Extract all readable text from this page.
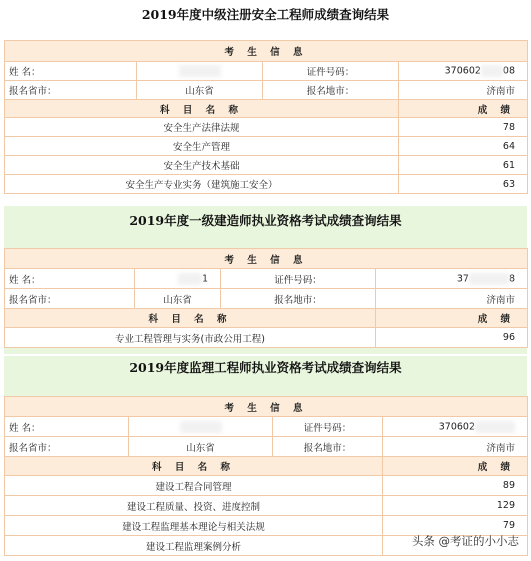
2019年度中级注册安全工程师成绩查询结果
考 生 信 息			
姓 名：		证件号码：	370602 08
报名省市：	山东省	报名地市：	济南市
科 目 名 称			成 绩
安全生产法律法规			78
安全生产管理			64
安全生产技术基础			61
安全生产专业实务（建筑施工安全）			63
2019年度一级建造师执业资格考试成绩查询结果
考 生 信 息			
姓 名：	1	证件号码：	37 8
报名省市：	山东省	报名地市：	济南市
科 目 名 称			成 绩
专业工程管理与实务(市政公用工程)			96
2019年度监理工程师执业资格考试成绩查询结果
考 生 信 息			
姓 名：		证件号码：	370602
报名省市：	山东省	报名地市：	济南市
科 目 名 称			成 绩
建设工程合同管理			89
建设工程质量、投资、进度控制			129
建设工程监理基本理论与相关法规			79
建设工程监理案例分析				头条 @考证的小小志
